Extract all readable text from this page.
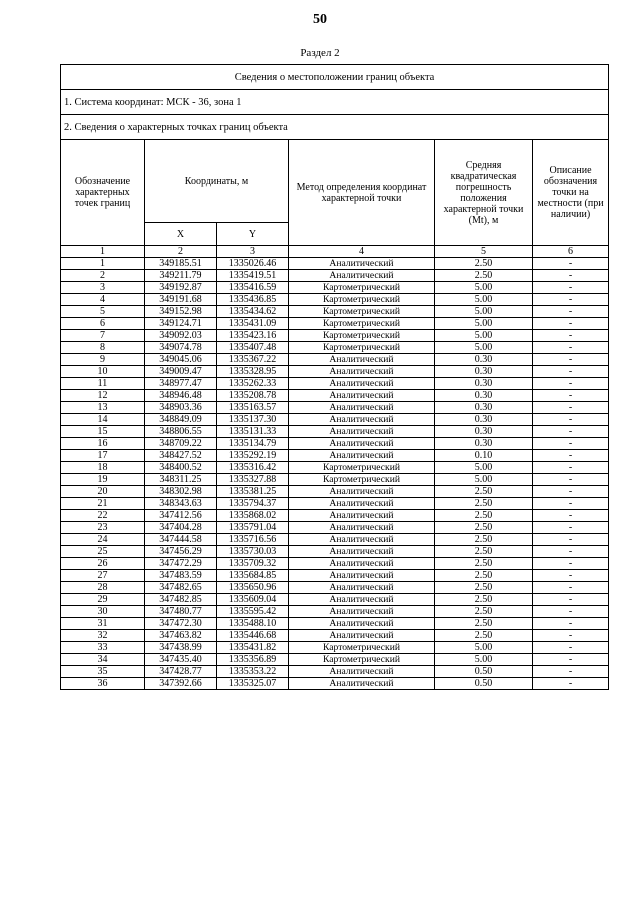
50
Раздел 2
Сведения о местоположении границ объекта					
1. Система координат: МСК - 36, зона 1					
2. Сведения о характерных точках границ объекта					
Обозначение характерных точек границ	Координаты, м		Метод определения координат характерной точки	Средняя квадратическая погрешность положения характерной точки (Mt), м	Описание обозначения точки на местности (при наличии)
	X	Y			
1	2	3	4	5	6
1	349185.51	1335026.46	Аналитический	2.50	-
2	349211.79	1335419.51	Аналитический	2.50	-
3	349192.87	1335416.59	Картометрический	5.00	-
4	349191.68	1335436.85	Картометрический	5.00	-
5	349152.98	1335434.62	Картометрический	5.00	-
6	349124.71	1335431.09	Картометрический	5.00	-
7	349092.03	1335423.16	Картометрический	5.00	-
8	349074.78	1335407.48	Картометрический	5.00	-
9	349045.06	1335367.22	Аналитический	0.30	-
10	349009.47	1335328.95	Аналитический	0.30	-
11	348977.47	1335262.33	Аналитический	0.30	-
12	348946.48	1335208.78	Аналитический	0.30	-
13	348903.36	1335163.57	Аналитический	0.30	-
14	348849.09	1335137.30	Аналитический	0.30	-
15	348806.55	1335131.33	Аналитический	0.30	-
16	348709.22	1335134.79	Аналитический	0.30	-
17	348427.52	1335292.19	Аналитический	0.10	-
18	348400.52	1335316.42	Картометрический	5.00	-
19	348311.25	1335327.88	Картометрический	5.00	-
20	348302.98	1335381.25	Аналитический	2.50	-
21	348343.63	1335794.37	Аналитический	2.50	-
22	347412.56	1335868.02	Аналитический	2.50	-
23	347404.28	1335791.04	Аналитический	2.50	-
24	347444.58	1335716.56	Аналитический	2.50	-
25	347456.29	1335730.03	Аналитический	2.50	-
26	347472.29	1335709.32	Аналитический	2.50	-
27	347483.59	1335684.85	Аналитический	2.50	-
28	347482.65	1335650.96	Аналитический	2.50	-
29	347482.85	1335609.04	Аналитический	2.50	-
30	347480.77	1335595.42	Аналитический	2.50	-
31	347472.30	1335488.10	Аналитический	2.50	-
32	347463.82	1335446.68	Аналитический	2.50	-
33	347438.99	1335431.82	Картометрический	5.00	-
34	347435.40	1335356.89	Картометрический	5.00	-
35	347428.77	1335353.22	Аналитический	0.50	-
36	347392.66	1335325.07	Аналитический	0.50	-
